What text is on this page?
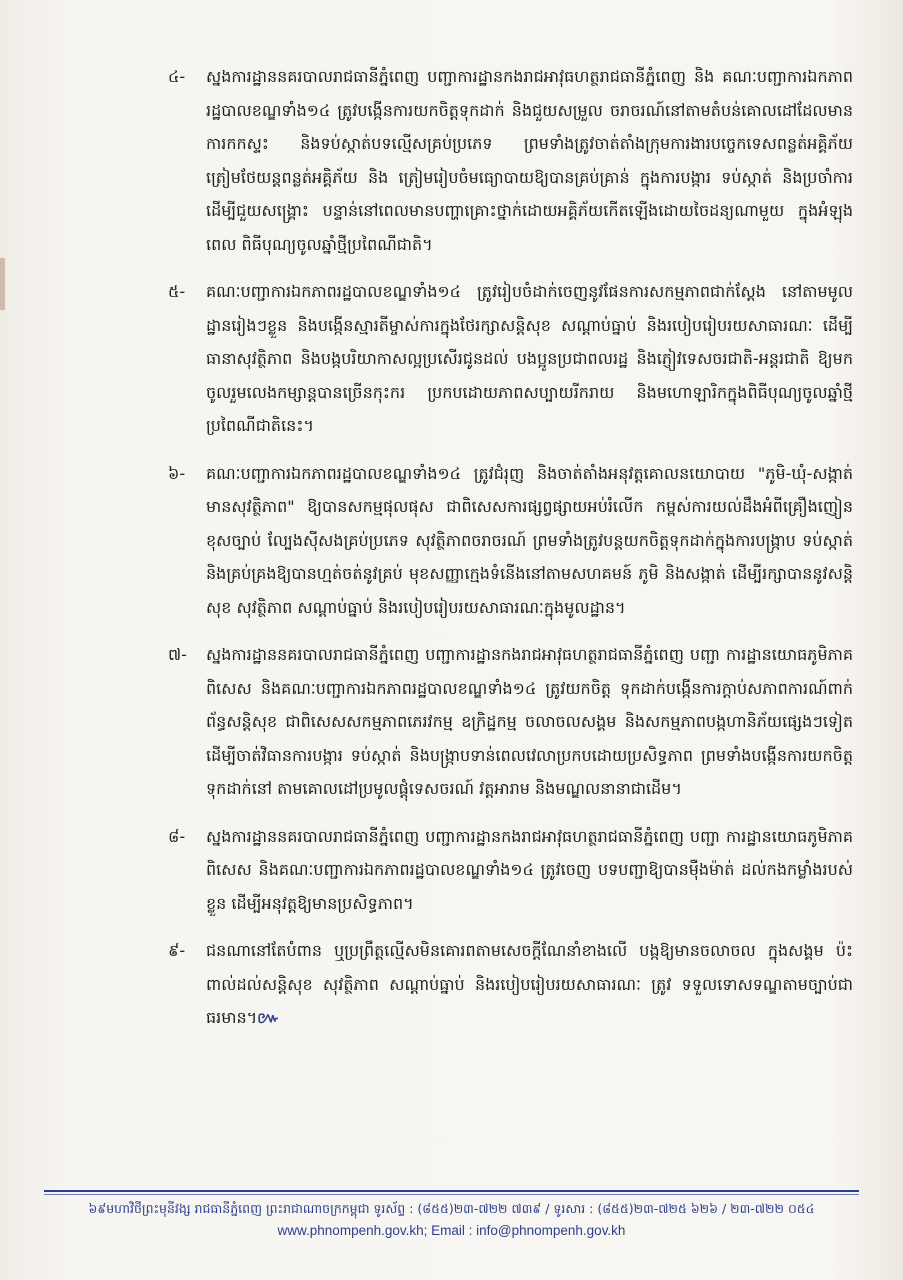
៤-	ស្នងការដ្ឋាននគរបាលរាជធានីភ្នំពេញ បញ្ជាការដ្ឋានកងរាជអាវុធហត្ថរាជធានីភ្នំពេញ និង គណៈបញ្ជាការឯកភាពរដ្ឋបាលខណ្ឌទាំង១៤ ត្រូវបង្កើនការយកចិត្តទុកដាក់ និងជួយសម្រួល ចរាចរណ៍នៅតាមតំបន់គោលដៅដែលមានការកកស្ទះ និងទប់ស្កាត់បទល្មើសគ្រប់ប្រភេទ ព្រមទាំងត្រូវចាត់តាំងក្រុមការងារបច្ចេកទេសពន្លត់អគ្គិភ័យ ត្រៀមថែយន្តពន្លត់អគ្គិភ័យ និង ត្រៀមរៀបចំមធ្យោបាយឱ្យបានគ្រប់គ្រាន់ ក្នុងការបង្ការ ទប់ស្កាត់ និងប្រចាំការដើម្បីជួយសង្គ្រោះ បន្ទាន់នៅពេលមានបញ្ហាគ្រោះថ្នាក់ដោយអគ្គិភ័យកើតឡើងដោយចៃដន្យណាមួយ ក្នុងអំឡុងពេល ពិធីបុណ្យចូលឆ្នាំថ្មីប្រពៃណីជាតិ។
៥-	គណៈបញ្ជាការឯកភាពរដ្ឋបាលខណ្ឌទាំង១៤ ត្រូវរៀបចំដាក់ចេញនូវផែនការសកម្មភាពជាក់ស្តែង នៅតាមមូលដ្ឋានរៀងៗខ្លួន និងបង្កើនស្មារតីម្ចាស់ការក្នុងថែរក្សាសន្តិសុខ សណ្តាប់ធ្នាប់ និងរបៀបរៀបរយសាធារណៈ ដើម្បីធានាសុវត្ថិភាព និងបង្កបរិយាកាសល្អប្រសើរជូនដល់ បងប្អូនប្រជាពលរដ្ឋ និងភ្ញៀវទេសចរជាតិ-អន្តរជាតិ ឱ្យមកចូលរួមលេងកម្សាន្តបានច្រើនកុះករ ប្រកបដោយភាពសប្បាយរីករាយ និងមហោឡារិកក្នុងពិធីបុណ្យចូលឆ្នាំថ្មីប្រពៃណីជាតិនេះ។
៦-	គណៈបញ្ជាការឯកភាពរដ្ឋបាលខណ្ឌទាំង១៤ ត្រូវជំរុញ និងចាត់តាំងអនុវត្តគោលនយោបាយ "ភូមិ-ឃុំ-សង្កាត់មានសុវត្ថិភាព" ឱ្យបានសកម្មផុលផុស ជាពិសេសការផ្សព្វផ្សាយអប់រំលើក កម្ពស់ការយល់ដឹងអំពីគ្រឿងញៀនខុសច្បាប់ ល្បែងស៊ីសងគ្រប់ប្រភេទ សុវត្ថិភាពចរាចរណ៍ ព្រមទាំងត្រូវបន្តយកចិត្តទុកដាក់ក្នុងការបង្ក្រាប ទប់ស្កាត់ និងគ្រប់គ្រងឱ្យបានហ្មត់ចត់នូវគ្រប់ មុខសញ្ញាក្មេងទំនើងនៅតាមសហគមន៍ ភូមិ និងសង្កាត់ ដើម្បីរក្សាបាននូវសន្តិសុខ សុវត្ថិភាព សណ្តាប់ធ្នាប់ និងរបៀបរៀបរយសាធារណៈក្នុងមូលដ្ឋាន។
៧-	ស្នងការដ្ឋាននគរបាលរាជធានីភ្នំពេញ បញ្ជាការដ្ឋានកងរាជអាវុធហត្ថរាជធានីភ្នំពេញ បញ្ជា ការដ្ឋានយោធភូមិភាគពិសេស និងគណៈបញ្ជាការឯកភាពរដ្ឋបាលខណ្ឌទាំង១៤ ត្រូវយកចិត្ត ទុកដាក់បង្កើនការក្តាប់សភាពការណ៍ពាក់ព័ន្ធសន្តិសុខ ជាពិសេសសកម្មភាពភេរវកម្ម ឧក្រិដ្ឋកម្ម ចលាចលសង្គម និងសកម្មភាពបង្កហានិភ័យផ្សេងៗទៀត ដើម្បីចាត់វិធានការបង្ការ ទប់ស្កាត់ និងបង្ក្រាបទាន់ពេលវេលាប្រកបដោយប្រសិទ្ធភាព ព្រមទាំងបង្កើនការយកចិត្តទុកដាក់នៅ តាមគោលដៅប្រមូលផ្តុំទេសចរណ៍ វត្តអារាម និងមណ្ឌលនានាជាដើម។
៨-	ស្នងការដ្ឋាននគរបាលរាជធានីភ្នំពេញ បញ្ជាការដ្ឋានកងរាជអាវុធហត្ថរាជធានីភ្នំពេញ បញ្ជា ការដ្ឋានយោធភូមិភាគពិសេស និងគណៈបញ្ជាការឯកភាពរដ្ឋបាលខណ្ឌទាំង១៤ ត្រូវចេញ បទបញ្ជាឱ្យបានម៉ឺងម៉ាត់ ដល់កងកម្លាំងរបស់ខ្លួន ដើម្បីអនុវត្តឱ្យមានប្រសិទ្ធភាព។
៩-	ជនណានៅតែបំពាន ឬប្រព្រឹត្តល្មើសមិនគោរពតាមសេចក្តីណែនាំខាងលើ បង្កឱ្យមានចលាចល ក្នុងសង្គម ប៉ះពាល់ដល់សន្តិសុខ សុវត្ថិភាព សណ្តាប់ធ្នាប់ និងរបៀបរៀបរយសាធារណៈ ត្រូវ ទទួលទោសទណ្ឌតាមច្បាប់ជាធរមាន។៚
៦៩មហាវិថីព្រះមុនីវង្ស រាជធានីភ្នំពេញ ព្រះរាជាណាចក្រកម្ពុជា ទូរស័ព្ទ : (៨៥៥)២៣-៧២២ ៧៣៩ / ទូរសារ : (៨៥៥)២៣-៧២៥ ៦២៦ / ២៣-៧២២ ០៥៤
www.phnompenh.gov.kh; Email : info@phnompenh.gov.kh
